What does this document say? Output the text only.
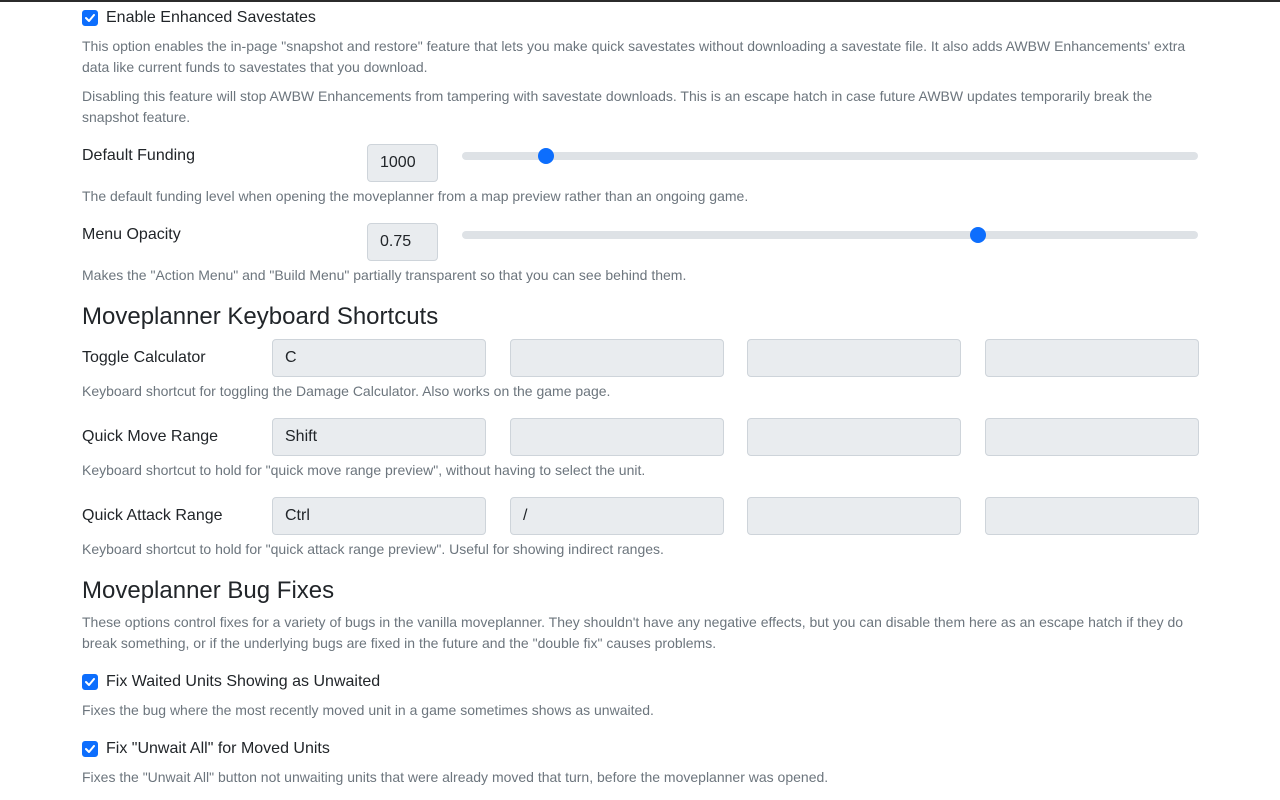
Enable Enhanced Savestates
This option enables the in-page "snapshot and restore" feature that lets you make quick savestates without downloading a savestate file. It also adds AWBW Enhancements' extra data like current funds to savestates that you download.
Disabling this feature will stop AWBW Enhancements from tampering with savestate downloads. This is an escape hatch in case future AWBW updates temporarily break the snapshot feature.
Default Funding	1000
The default funding level when opening the moveplanner from a map preview rather than an ongoing game.
Menu Opacity	0.75
Makes the "Action Menu" and "Build Menu" partially transparent so that you can see behind them.
Moveplanner Keyboard Shortcuts
Toggle Calculator	C
Keyboard shortcut for toggling the Damage Calculator. Also works on the game page.
Quick Move Range	Shift
Keyboard shortcut to hold for "quick move range preview", without having to select the unit.
Quick Attack Range	Ctrl	/
Keyboard shortcut to hold for "quick attack range preview". Useful for showing indirect ranges.
Moveplanner Bug Fixes
These options control fixes for a variety of bugs in the vanilla moveplanner. They shouldn't have any negative effects, but you can disable them here as an escape hatch if they do break something, or if the underlying bugs are fixed in the future and the "double fix" causes problems.
Fix Waited Units Showing as Unwaited
Fixes the bug where the most recently moved unit in a game sometimes shows as unwaited.
Fix "Unwait All" for Moved Units
Fixes the "Unwait All" button not unwaiting units that were already moved that turn, before the moveplanner was opened.
